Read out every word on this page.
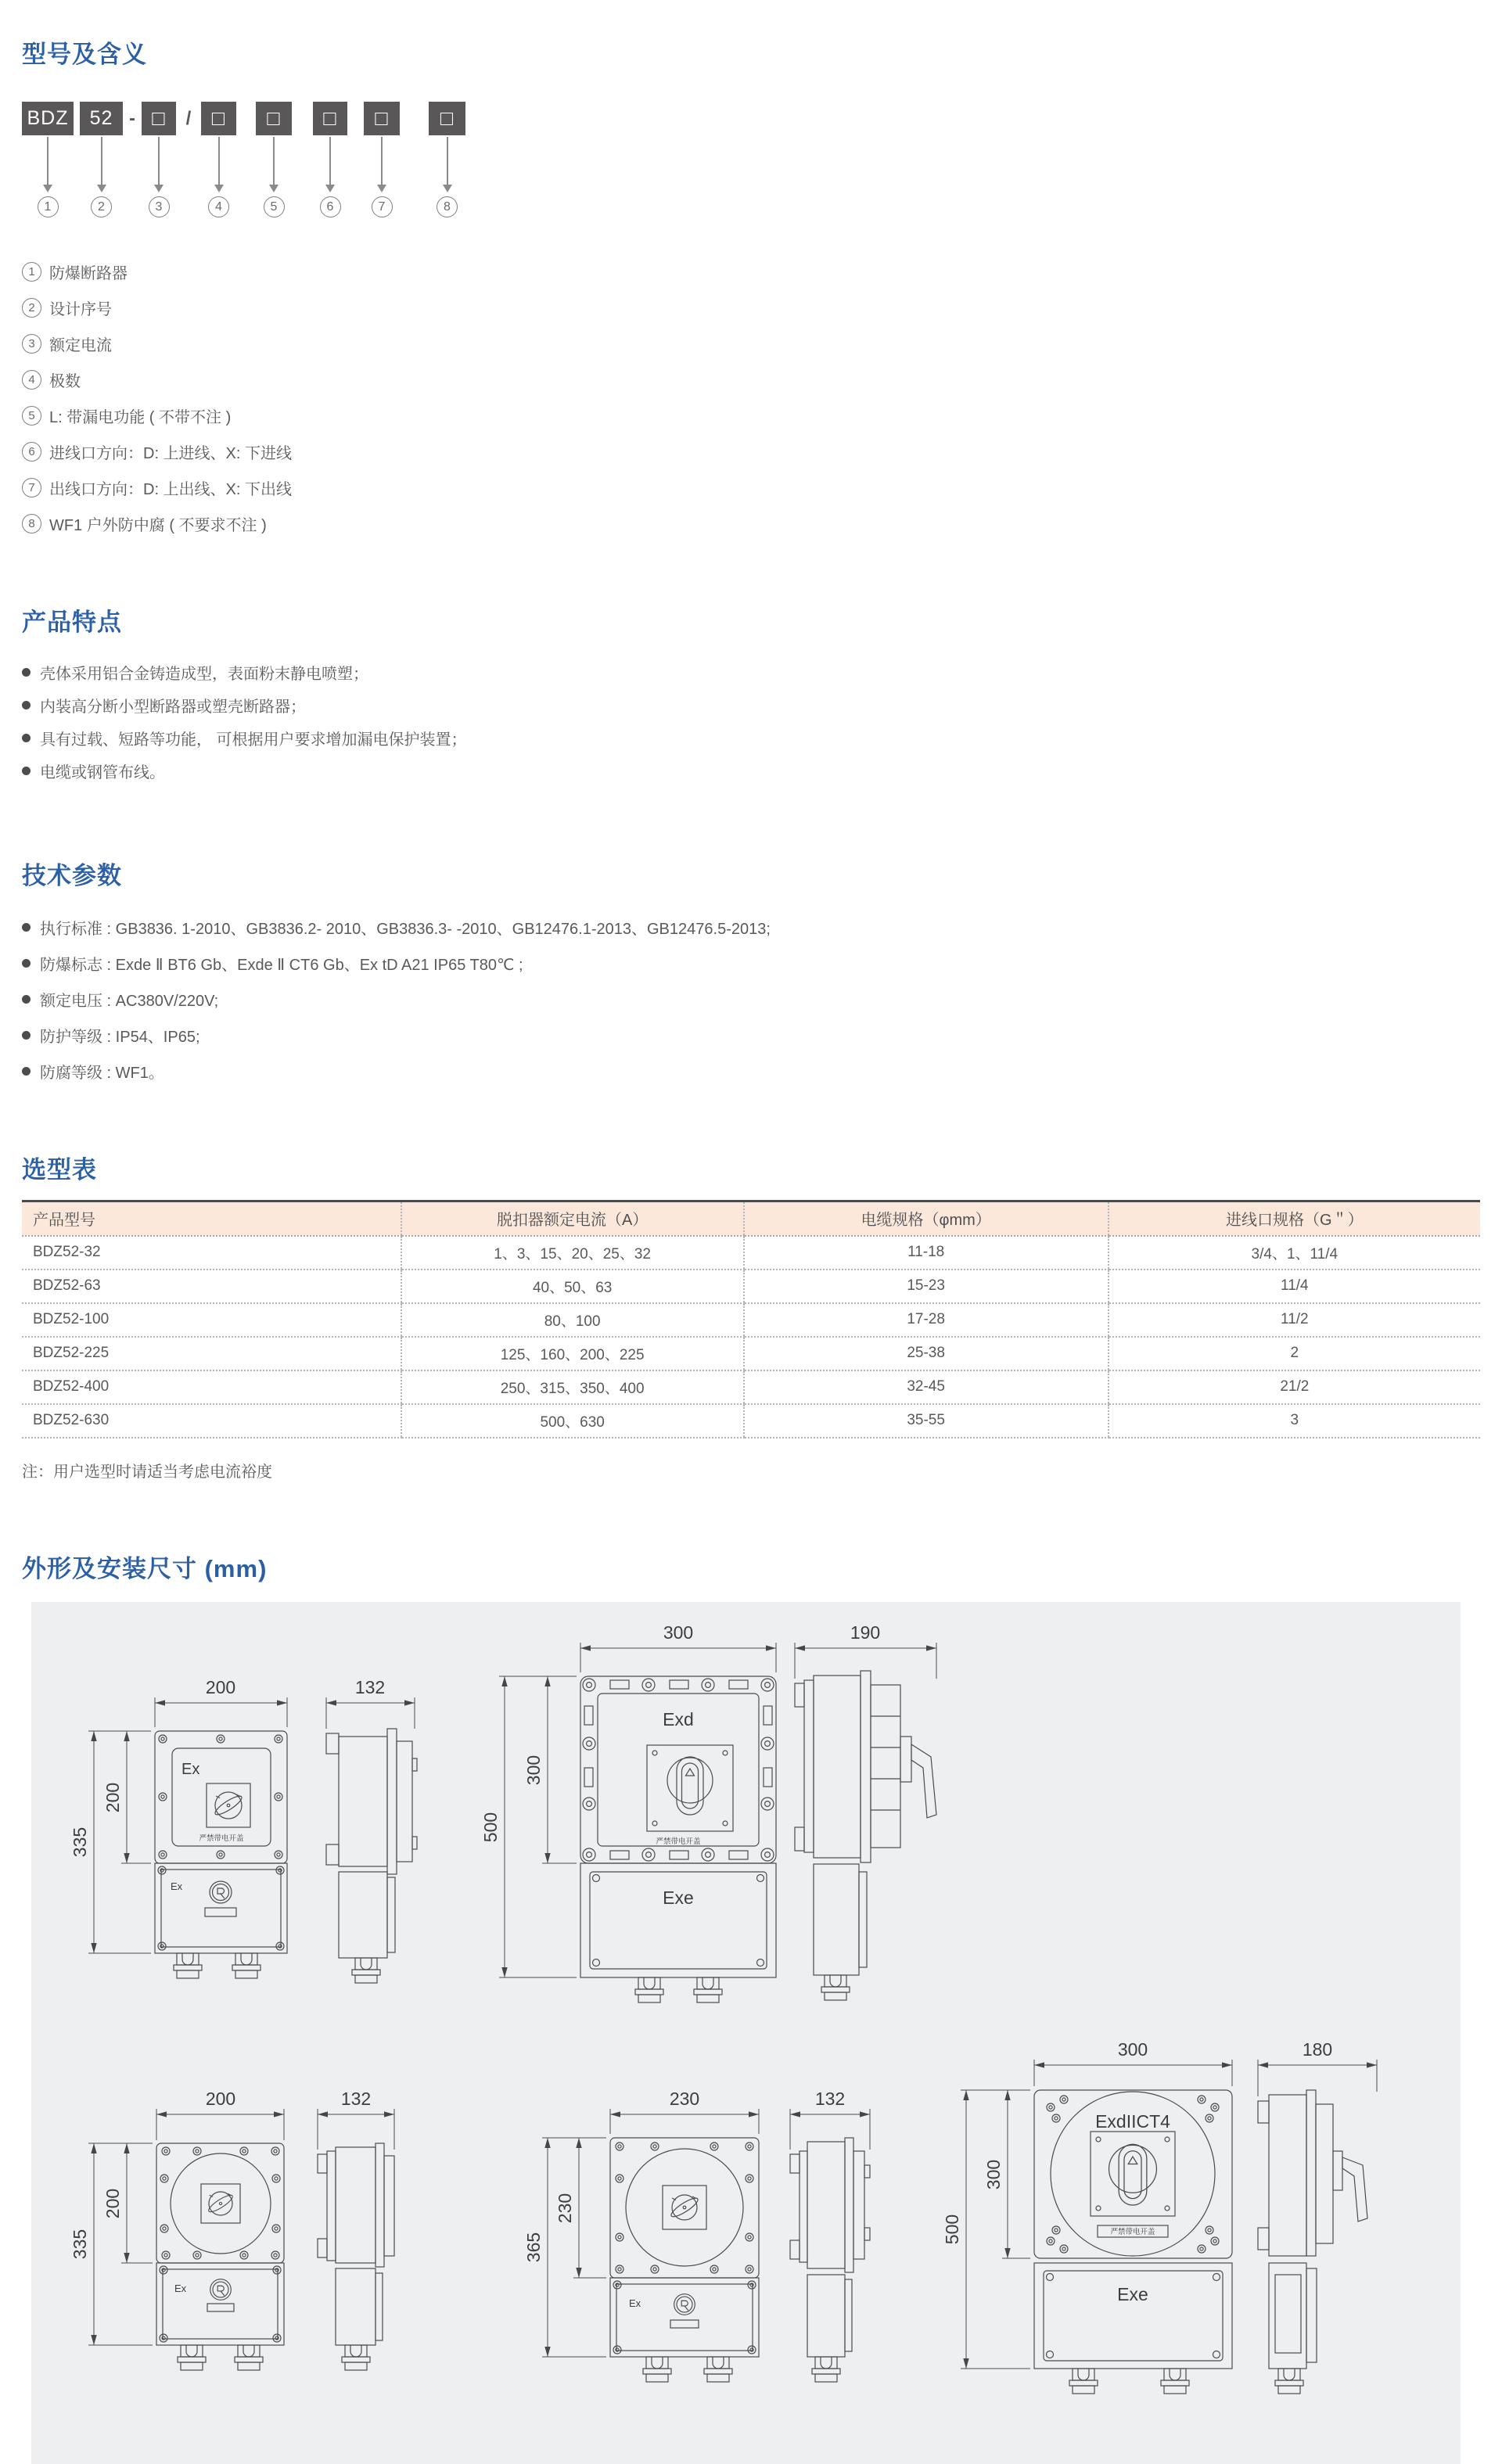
型号及含义
BDZ
1
52
2
- □
3
/ □
4
□
5
□
6
□
7
□
8
1 防爆断路器
2 设计序号
3 额定电流
4 极数
5 L: 带漏电功能 ( 不带不注 )
6 进线口方向：D: 上进线、X: 下进线
7 出线口方向：D: 上出线、X: 下出线
8 WF1 户外防中腐 ( 不要求不注 )
产品特点
壳体采用铝合金铸造成型，表面粉末静电喷塑；
内装高分断小型断路器或塑壳断路器；
具有过载、短路等功能， 可根据用户要求增加漏电保护装置；
电缆或钢管布线。
技术参数
执行标准 : GB3836. 1-2010、GB3836.2- 2010、GB3836.3- -2010、GB12476.1-2013、GB12476.5-2013;
防爆标志 : Exde Ⅱ BT6 Gb、Exde Ⅱ CT6 Gb、Ex tD A21 IP65 T80℃ ;
额定电压 : AC380V/220V;
防护等级 : IP54、IP65;
防腐等级 : WF1。
选型表
产品型号	脱扣器额定电流（A）	电缆规格（φmm）	进线口规格（G＂）
BDZ52-32	1、3、15、20、25、32	11-18	3/4、1、11/4
BDZ52-63	40、50、63	15-23	11/4
BDZ52-100	80、100	17-28	11/2
BDZ52-225	125、160、200、225	25-38	2
BDZ52-400	250、315、350、400	32-45	21/2
BDZ52-630	500、630	35-55	3
注：用户选型时请适当考虑电流裕度
外形及安装尺寸 (mm)
Ex
严禁带电开盖
Ex
200
335
200
132
Exd
严禁带电开盖
Exe
300
500
300
190
Ex
200
335
200
132
Ex
230
365
230
132
ExdIICT4
严禁带电开盖
Exe
300
500
300
180
